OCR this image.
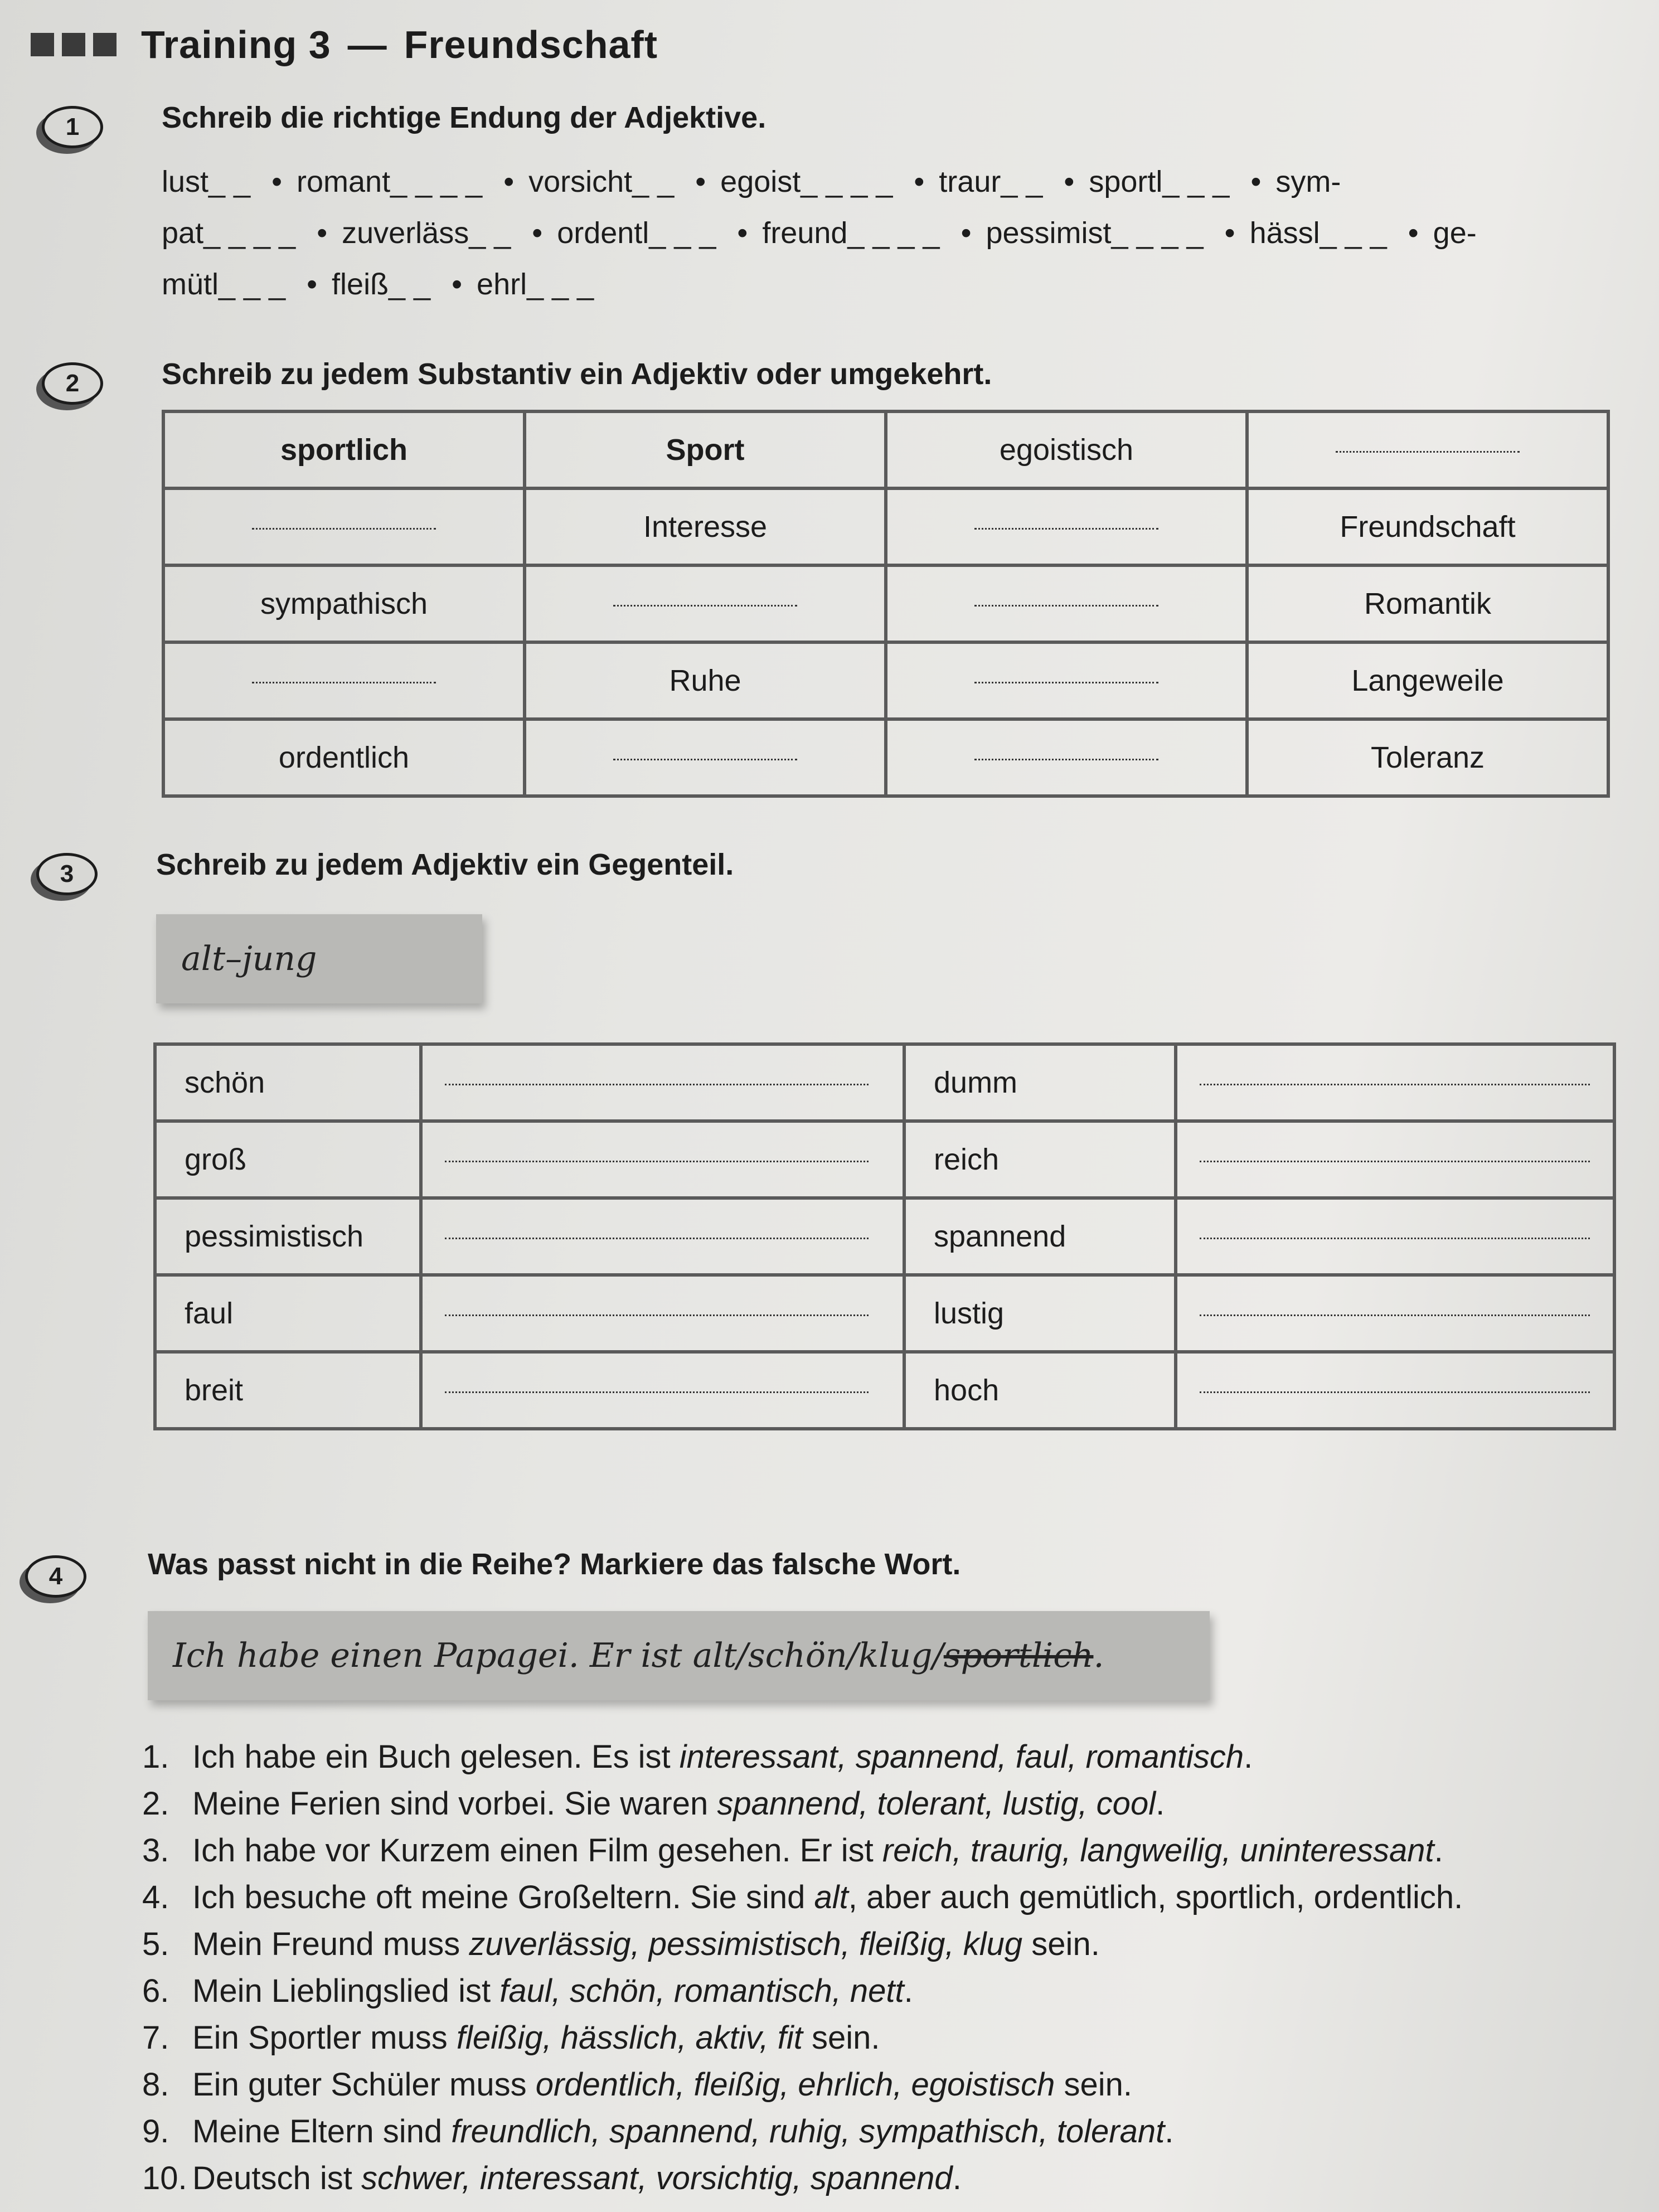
Training 3 — Freundschaft
1	Schreib die richtige Endung der Adjektive.
lust_ _ • romant_ _ _ _ • vorsicht_ _ • egoist_ _ _ _ • traur_ _ • sportl_ _ _ • sym-
pat_ _ _ _ • zuverläss_ _ • ordentl_ _ _ • freund_ _ _ _ • pessimist_ _ _ _ • hässl_ _ _ • ge-
mütl_ _ _ • fleiß_ _ • ehrl_ _ _
2	Schreib zu jedem Substantiv ein Adjektiv oder umgekehrt.
sportlich	Sport	egoistisch	
	Interesse		Freundschaft
sympathisch			Romantik
	Ruhe		Langeweile
ordentlich			Toleranz
3	Schreib zu jedem Adjektiv ein Gegenteil.
alt–jung
schön		dumm	
groß		reich	
pessimistisch		spannend	
faul		lustig	
breit		hoch	
4	Was passt nicht in die Reihe? Markiere das falsche Wort.
Ich habe einen Papagei. Er ist alt/schön/klug/sportlich.
1. Ich habe ein Buch gelesen. Es ist interessant, spannend, faul, romantisch.
2. Meine Ferien sind vorbei. Sie waren spannend, tolerant, lustig, cool.
3. Ich habe vor Kurzem einen Film gesehen. Er ist reich, traurig, langweilig, uninteressant.
4. Ich besuche oft meine Großeltern. Sie sind alt, aber auch gemütlich, sportlich, ordentlich.
5. Mein Freund muss zuverlässig, pessimistisch, fleißig, klug sein.
6. Mein Lieblingslied ist faul, schön, romantisch, nett.
7. Ein Sportler muss fleißig, hässlich, aktiv, fit sein.
8. Ein guter Schüler muss ordentlich, fleißig, ehrlich, egoistisch sein.
9. Meine Eltern sind freundlich, spannend, ruhig, sympathisch, tolerant.
10. Deutsch ist schwer, interessant, vorsichtig, spannend.
